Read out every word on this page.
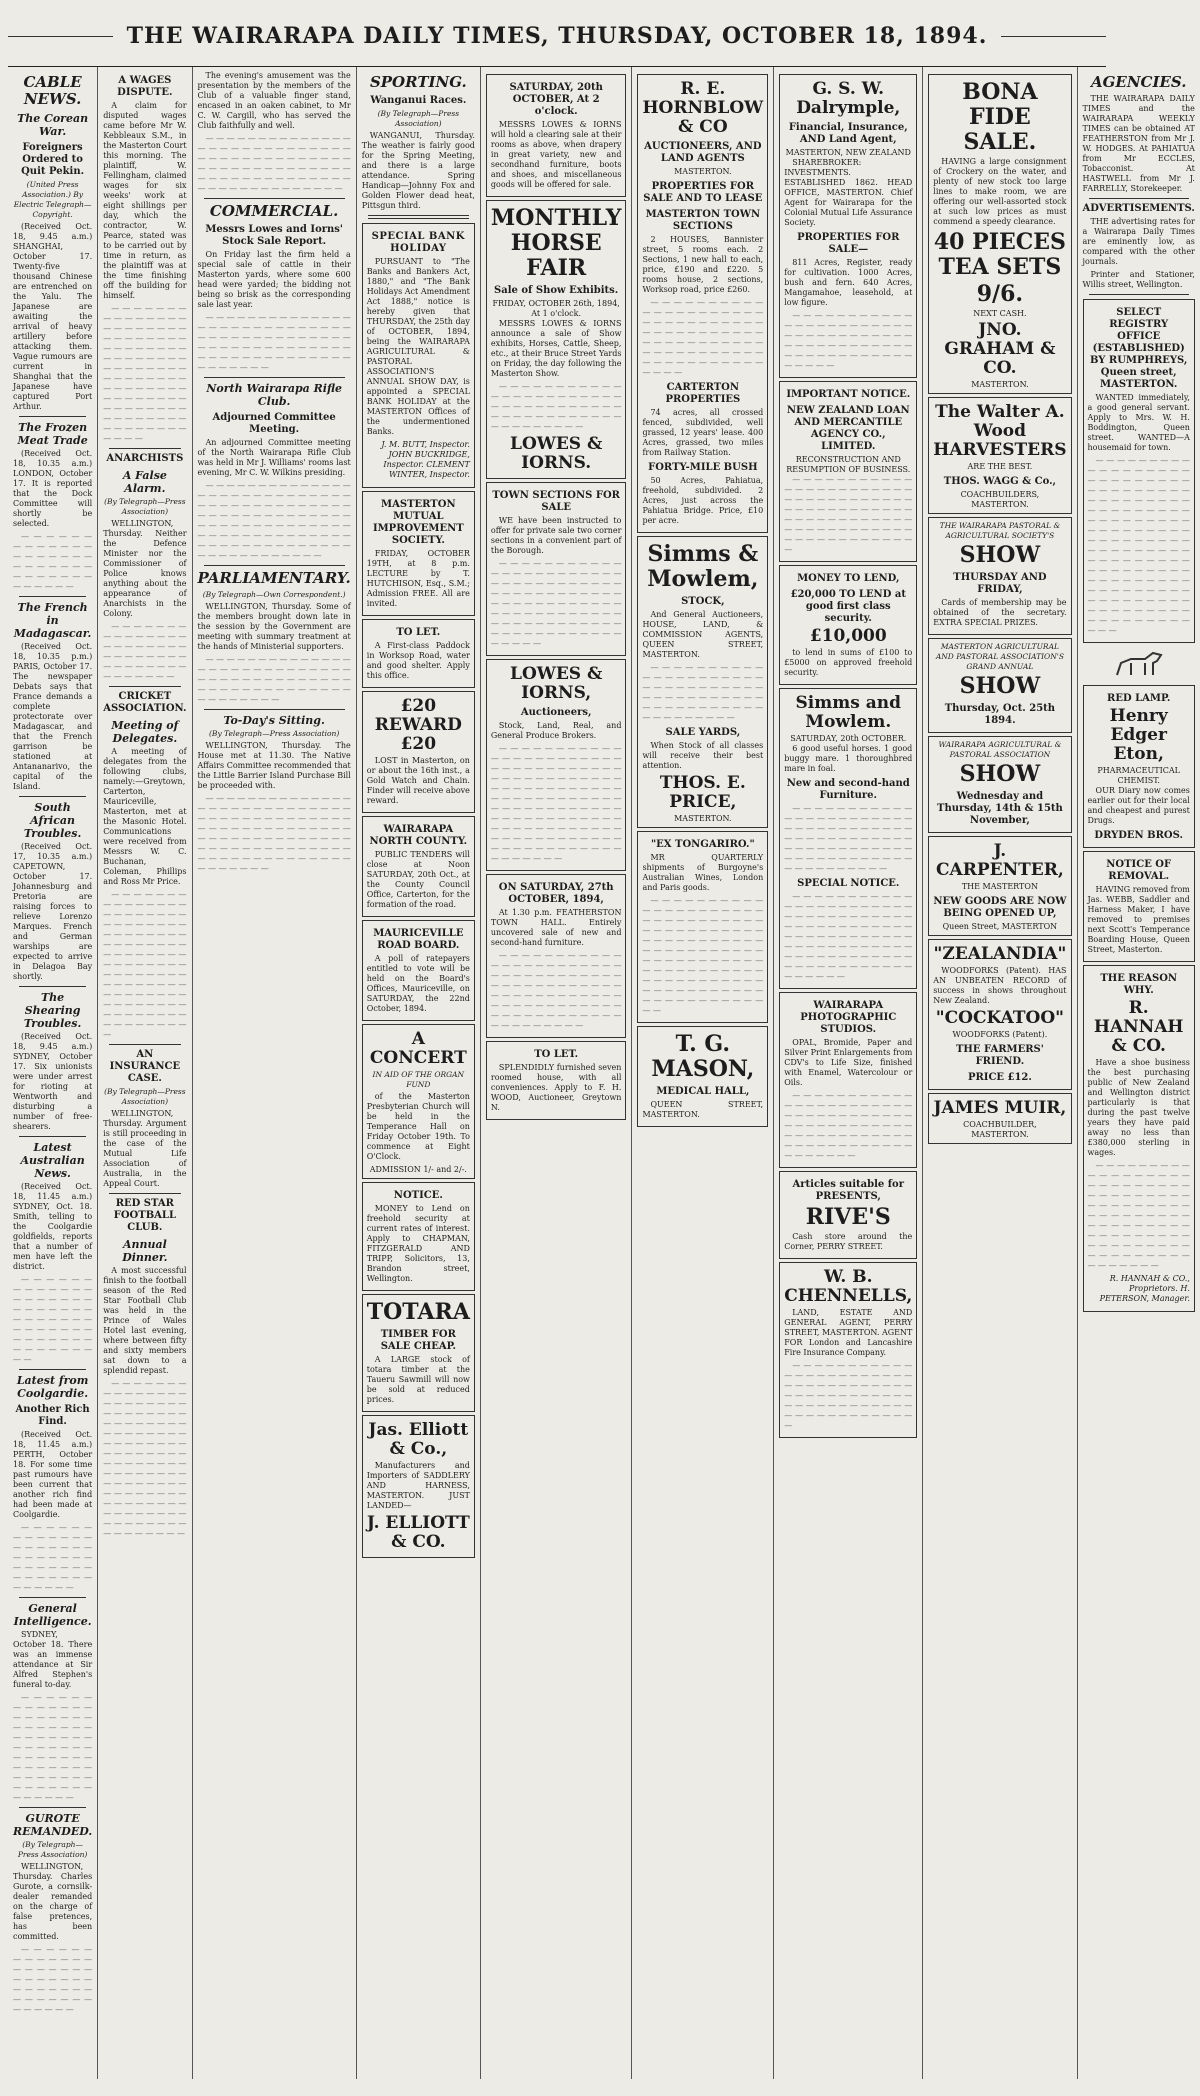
THE WAIRARAPA DAILY TIMES, THURSDAY, OCTOBER 18, 1894.
CABLE NEWS.
The Corean War.
Foreigners Ordered to Quit Pekin.
(United Press Association.) By Electric Telegraph—Copyright.

(Received Oct. 18, 9.45 a.m.) SHANGHAI, October 17. Twenty-five thousand Chinese are entrenched on the Yalu. The Japanese are awaiting the arrival of heavy artillery before attacking them. Vague rumours are current in Shanghai that the Japanese have captured Port Arthur.

The Frozen Meat Trade

(Received Oct. 18, 10.35 a.m.) LONDON, October 17. It is reported that the Dock Committee will shortly be selected.

— — — — — — — — — — — — — — — — — — — — — — — — — — — — — — — — — — — — — — — —

The French in Madagascar.

(Received Oct. 18, 10.35 p.m.) PARIS, October 17. The newspaper Debats says that France demands a complete protectorate over Madagascar, and that the French garrison be stationed at Antananarivo, the capital of the Island.

South African Troubles.

(Received Oct. 17, 10.35 a.m.) CAPETOWN, October 17. Johannesburg and Pretoria are raising forces to relieve Lorenzo Marques. French and German warships are expected to arrive in Delagoa Bay shortly.

The Shearing Troubles.

(Received Oct. 18, 9.45 a.m.) SYDNEY, October 17. Six unionists were under arrest for rioting at Wentworth and disturbing a number of free-shearers.

Latest Australian News.

(Received Oct. 18, 11.45 a.m.) SYDNEY, Oct. 18. Smith, telling to the Coolgardie goldfields, reports that a number of men have left the district.

— — — — — — — — — — — — — — — — — — — — — — — — — — — — — — — — — — — — — — — — — — — — — — — — — — — — — — — — —

Latest from Coolgardie.
Another Rich Find.

(Received Oct. 18, 11.45 a.m.) PERTH, October 18. For some time past rumours have been current that another rich find had been made at Coolgardie.

— — — — — — — — — — — — — — — — — — — — — — — — — — — — — — — — — — — — — — — — — — — — — — —

General Intelligence.

SYDNEY, October 18. There was an immense attendance at Sir Alfred Stephen's funeral to-day.

— — — — — — — — — — — — — — — — — — — — — — — — — — — — — — — — — — — — — — — — — — — — — — — — — — — — — — — — — — — — — — — — — — — — — — — — — — —

GUROTE REMANDED.
(By Telegraph—Press Association)

WELLINGTON, Thursday. Charles Gurote, a cornsilk-dealer remanded on the charge of false pretences, has been committed.

— — — — — — — — — — — — — — — — — — — — — — — — — — — — — — — — — — — — — — — — — — — — — — —

A WAGES DISPUTE.

A claim for disputed wages came before Mr W. Kebbleaux S.M., in the Masterton Court this morning. The plaintiff, W. Fellingham, claimed wages for six weeks' work at eight shillings per day, which the contractor, W. Pearce, stated was to be carried out by time in return, as the plaintiff was at the time finishing off the building for himself.

— — — — — — — — — — — — — — — — — — — — — — — — — — — — — — — — — — — — — — — — — — — — — — — — — — — — — — — — — — — — — — — — — — — — — — — — — — — — — — — — — — — — — — — — — — — — — — — — — — — — — — — — — — —

ANARCHISTS
A False Alarm.
(By Telegraph—Press Association)

WELLINGTON, Thursday. Neither the Defence Minister nor the Commissioner of Police knows anything about the appearance of Anarchists in the Colony.

— — — — — — — — — — — — — — — — — — — — — — — — — — — — — — — — — — — — — — — — — — — — — —

CRICKET ASSOCIATION.
Meeting of Delegates.

A meeting of delegates from the following clubs, namely:—Greytown, Carterton, Mauriceville, Masterton, met at the Masonic Hotel. Communications were received from Messrs W. C. Buchanan, Coleman, Phillips and Ross Mr Price.

— — — — — — — — — — — — — — — — — — — — — — — — — — — — — — — — — — — — — — — — — — — — — — — — — — — — — — — — — — — — — — — — — — — — — — — — — — — — — — — — — — — — — — — — — — — — — — — — — — — — — — — — — — — — — — — —

AN INSURANCE CASE.
(By Telegraph—Press Association)

WELLINGTON, Thursday. Argument is still proceeding in the case of the Mutual Life Association of Australia, in the Appeal Court.

RED STAR FOOTBALL CLUB.
Annual Dinner.

A most successful finish to the football season of the Red Star Football Club was held in the Prince of Wales Hotel last evening, where between fifty and sixty members sat down to a splendid repast.

— — — — — — — — — — — — — — — — — — — — — — — — — — — — — — — — — — — — — — — — — — — — — — — — — — — — — — — — — — — — — — — — — — — — — — — — — — — — — — — — — — — — — — — — — — — — — — — — — — — — — — — — — — — — — — — — — — — — — — — — — — — — — — —

The evening's amusement was the presentation by the members of the Club of a valuable finger stand, encased in an oaken cabinet, to Mr C. W. Cargill, who has served the Club faithfully and well.

— — — — — — — — — — — — — — — — — — — — — — — — — — — — — — — — — — — — — — — — — — — — — — — — — — — — — — — — — — — — — — — — — — — — — — — — — — — — — — — — — — — —

COMMERCIAL.
Messrs Lowes and Iorns' Stock Sale Report.

On Friday last the firm held a special sale of cattle in their Masterton yards, where some 600 head were yarded; the bidding not being so brisk as the corresponding sale last year.

— — — — — — — — — — — — — — — — — — — — — — — — — — — — — — — — — — — — — — — — — — — — — — — — — — — — — — — — — — — — — — — — — — — — — — — — — — — — —

North Wairarapa Rifle Club.
Adjourned Committee Meeting.

An adjourned Committee meeting of the North Wairarapa Rifle Club was held in Mr J. Williams' rooms last evening, Mr C. W. Wilkins presiding.

— — — — — — — — — — — — — — — — — — — — — — — — — — — — — — — — — — — — — — — — — — — — — — — — — — — — — — — — — — — — — — — — — — — — — — — — — — — — — — — — — — — — — — — — — — — — — — — — — — — — — — — — — — — — — —

PARLIAMENTARY.
(By Telegraph—Own Correspondent.)

WELLINGTON, Thursday. Some of the members brought down late in the session by the Government are meeting with summary treatment at the hands of Ministerial supporters.

— — — — — — — — — — — — — — — — — — — — — — — — — — — — — — — — — — — — — — — — — — — — — — — — — — — — — — — — — — — — — — — —

To-Day's Sitting.
(By Telegraph—Press Association)

WELLINGTON, Thursday. The House met at 11.30. The Native Affairs Committee recommended that the Little Barrier Island Purchase Bill be proceeded with.

— — — — — — — — — — — — — — — — — — — — — — — — — — — — — — — — — — — — — — — — — — — — — — — — — — — — — — — — — — — — — — — — — — — — — — — — — — — — — — — — — — — — — — — — — — — — — — — — — — — — — — — — —

SPORTING.
Wanganui Races.
(By Telegraph—Press Association)

WANGANUI, Thursday. The weather is fairly good for the Spring Meeting, and there is a large attendance. Spring Handicap—Johnny Fox and Golden Flower dead heat, Pittsgun third.

SPECIAL BANK HOLIDAY

PURSUANT to "The Banks and Bankers Act, 1880," and "The Bank Holidays Act Amendment Act 1888," notice is hereby given that THURSDAY, the 25th day of OCTOBER, 1894, being the WAIRARAPA AGRICULTURAL & PASTORAL ASSOCIATION'S ANNUAL SHOW DAY, is appointed a SPECIAL BANK HOLIDAY at the MASTERTON Offices of the undermentioned Banks.

J. M. BUTT, Inspector. JOHN BUCKRIDGE, Inspector. CLEMENT WINTER, Inspector.
MASTERTON MUTUAL IMPROVEMENT SOCIETY.

FRIDAY, OCTOBER 19TH, at 8 p.m. LECTURE by T. HUTCHISON, Esq., S.M.; Admission FREE. All are invited.

TO LET.

A First-class Paddock in Worksop Road, water and good shelter. Apply this office.

£20 REWARD £20

LOST in Masterton, on or about the 16th inst., a Gold Watch and Chain. Finder will receive above reward.

WAIRARAPA NORTH COUNTY.

PUBLIC TENDERS will close at Noon SATURDAY, 20th Oct., at the County Council Office, Carterton, for the formation of the road.

MAURICEVILLE ROAD BOARD.

A poll of ratepayers entitled to vote will be held on the Board's Offices, Mauriceville, on SATURDAY, the 22nd October, 1894.

A CONCERT
IN AID OF THE ORGAN FUND

of the Masterton Presbyterian Church will be held in the Temperance Hall on Friday October 19th. To commence at Eight O'Clock.

ADMISSION 1/- and 2/-.
NOTICE.

MONEY to Lend on freehold security at current rates of interest. Apply to CHAPMAN, FITZGERALD AND TRIPP, Solicitors, 13, Brandon street, Wellington.

TOTARA
TIMBER FOR SALE CHEAP.

A LARGE stock of totara timber at the Taueru Sawmill will now be sold at reduced prices.

Jas. Elliott & Co.,

Manufacturers and Importers of SADDLERY AND HARNESS, MASTERTON. JUST LANDED—

J. ELLIOTT & CO.
SATURDAY, 20th OCTOBER, At 2 o'clock.

MESSRS LOWES & IORNS will hold a clearing sale at their rooms as above, when drapery in great variety, new and secondhand furniture, boots and shoes, and miscellaneous goods will be offered for sale.

MONTHLY HORSE FAIR
Sale of Show Exhibits.
FRIDAY, OCTOBER 26th, 1894, At 1 o'clock.

MESSRS LOWES & IORNS announce a sale of Show exhibits, Horses, Cattle, Sheep, etc., at their Bruce Street Yards on Friday, the day following the Masterton Show.

— — — — — — — — — — — — — — — — — — — — — — — — — — — — — — — — — — — — — — — — — — — — — — — — — — — — — — — —

LOWES & IORNS.
TOWN SECTIONS FOR SALE

WE have been instructed to offer for private sale two corner sections in a convenient part of the Borough.

— — — — — — — — — — — — — — — — — — — — — — — — — — — — — — — — — — — — — — — — — — — — — — — — — — — — — — — — — — — — — — — — — — — — — — — — — — — — — — — — — — — — — — — — — — — — — — — — — — — —

LOWES & IORNS,
Auctioneers,

Stock, Land, Real, and General Produce Brokers.

— — — — — — — — — — — — — — — — — — — — — — — — — — — — — — — — — — — — — — — — — — — — — — — — — — — — — — — — — — — — — — — — — — — — — — — — — — — — — — — — — — — — — — — — — — — — — — — — — — — — — — — — — — — — — — — — — — — — — — — — — — — — — — — — — — — — — — — — — —

ON SATURDAY, 27th OCTOBER, 1894,

At 1.30 p.m. FEATHERSTON TOWN HALL. Entirely uncovered sale of new and second-hand furniture.

— — — — — — — — — — — — — — — — — — — — — — — — — — — — — — — — — — — — — — — — — — — — — — — — — — — — — — — — — — — — — — — — — — — — — — — — — — — — — — — — — — — — — — — — — — — —

TO LET.

SPLENDIDLY furnished seven roomed house, with all conveniences. Apply to F. H. WOOD, Auctioneer, Greytown N.

R. E. HORNBLOW & CO
AUCTIONEERS, AND LAND AGENTS
MASTERTON.
PROPERTIES FOR SALE AND TO LEASE
MASTERTON TOWN SECTIONS

2 HOUSES, Bannister street, 5 rooms each. 2 Sections, 1 new hall to each, price, £190 and £220. 5 rooms house, 2 sections, Worksop road, price £260.

— — — — — — — — — — — — — — — — — — — — — — — — — — — — — — — — — — — — — — — — — — — — — — — — — — — — — — — — — — — — — — — — — — — — — — — — — — — — — — — —

CARTERTON PROPERTIES

74 acres, all crossed fenced, subdivided, well grassed, 12 years' lease. 400 Acres, grassed, two miles from Railway Station.

FORTY-MILE BUSH

50 Acres, Pahiatua, freehold, subdivided. 2 Acres, just across the Pahiatua Bridge. Price, £10 per acre.

Simms & Mowlem,
STOCK,

And General Auctioneers, HOUSE, LAND, & COMMISSION AGENTS, QUEEN STREET, MASTERTON.

— — — — — — — — — — — — — — — — — — — — — — — — — — — — — — — — — — — — — — — — — — — — — — — — — — — — — — — — — — — — — — —

SALE YARDS,

When Stock of all classes will receive their best attention.

THOS. E. PRICE,
MASTERTON.
"EX TONGARIRO."

MR QUARTERLY shipments of Burgoyne's Australian Wines, London and Paris goods.

— — — — — — — — — — — — — — — — — — — — — — — — — — — — — — — — — — — — — — — — — — — — — — — — — — — — — — — — — — — — — — — — — — — — — — — — — — — — — — — — — — — — — — — — — — — — — — — — — — — — — — — — — — — — — — — — — — — — — — — — — —

T. G. MASON,
MEDICAL HALL,

QUEEN STREET, MASTERTON.

G. S. W. Dalrymple,
Financial, Insurance, AND Land Agent,
MASTERTON, NEW ZEALAND

SHAREBROKER: INVESTMENTS. ESTABLISHED 1862. HEAD OFFICE, MASTERTON. Chief Agent for Wairarapa for the Colonial Mutual Life Assurance Society.

PROPERTIES FOR SALE—

811 Acres, Register, ready for cultivation. 1000 Acres, bush and fern. 640 Acres, Mangamahoe, leasehold, at low figure.

— — — — — — — — — — — — — — — — — — — — — — — — — — — — — — — — — — — — — — — — — — — — — — — — — — — — — — — — — — — — — — — —

IMPORTANT NOTICE.
NEW ZEALAND LOAN AND MERCANTILE AGENCY CO., LIMITED.
RECONSTRUCTION AND RESUMPTION OF BUSINESS.

— — — — — — — — — — — — — — — — — — — — — — — — — — — — — — — — — — — — — — — — — — — — — — — — — — — — — — — — — — — — — — — — — — — — — — — — — — — — — — — — — — — —

MONEY TO LEND,
£20,000 TO LEND at good first class security.
£10,000

to lend in sums of £100 to £5000 on approved freehold security.

Simms and Mowlem.
SATURDAY, 20th OCTOBER.

6 good useful horses. 1 good buggy mare. 1 thoroughbred mare in foal.

New and second-hand Furniture.

— — — — — — — — — — — — — — — — — — — — — — — — — — — — — — — — — — — — — — — — — — — — — — — — — — — — — — — — — — — — — — — — — — — — — — — — — — — — — — — — —

SPECIAL NOTICE.

— — — — — — — — — — — — — — — — — — — — — — — — — — — — — — — — — — — — — — — — — — — — — — — — — — — — — — — — — — — — — — — — — — — — — — — — — — — — — — — — — — — — — — — — — — — — — — — — — — — — —

WAIRARAPA PHOTOGRAPHIC STUDIOS.

OPAL, Bromide, Paper and Silver Print Enlargements from CDV's to Life Size, finished with Enamel, Watercolour or Oils.

— — — — — — — — — — — — — — — — — — — — — — — — — — — — — — — — — — — — — — — — — — — — — — — — — — — — — — — — — — — — — — — — — — — — — — — — — — — — — —

Articles suitable for PRESENTS,
RIVE'S

Cash store around the Corner, PERRY STREET.

W. B. CHENNELLS,

LAND, ESTATE AND GENERAL AGENT, PERRY STREET, MASTERTON. AGENT FOR London and Lancashire Fire Insurance Company.

— — — — — — — — — — — — — — — — — — — — — — — — — — — — — — — — — — — — — — — — — — — — — — — — — — — — — — — — — — — — — — — — — — — — — — — —

BONA FIDE SALE.

HAVING a large consignment of Crockery on the water, and plenty of new stock too large lines to make room, we are offering our well-assorted stock at such low prices as must commend a speedy clearance.

40 PIECES TEA SETS
9/6.
NEXT CASH.
JNO. GRAHAM & CO.
MASTERTON.
The Walter A. Wood HARVESTERS
ARE THE BEST.
THOS. WAGG & Co.,
COACHBUILDERS, MASTERTON.
THE WAIRARAPA PASTORAL & AGRICULTURAL SOCIETY'S
SHOW
THURSDAY AND FRIDAY,

Cards of membership may be obtained of the secretary. EXTRA SPECIAL PRIZES.

MASTERTON AGRICULTURAL AND PASTORAL ASSOCIATION'S GRAND ANNUAL
SHOW
Thursday, Oct. 25th 1894.
WAIRARAPA AGRICULTURAL & PASTORAL ASSOCIATION
SHOW
Wednesday and Thursday, 14th & 15th November,
J. CARPENTER,
THE MASTERTON
NEW GOODS ARE NOW BEING OPENED UP,
Queen Street, MASTERTON
"ZEALANDIA"

WOODFORKS (Patent). HAS AN UNBEATEN RECORD of success in shows throughout New Zealand.

"COCKATOO"
WOODFORKS (Patent).
THE FARMERS' FRIEND.
PRICE £12.
JAMES MUIR,
COACHBUILDER, MASTERTON.
AGENCIES.

THE WAIRARAPA DAILY TIMES and the WAIRARAPA WEEKLY TIMES can be obtained AT FEATHERSTON from Mr J. W. HODGES. At PAHIATUA from Mr ECCLES, Tobacconist. At HASTWELL from Mr J. FARRELLY, Storekeeper.

ADVERTISEMENTS.

THE advertising rates for a Wairarapa Daily Times are eminently low, as compared with the other journals.

Printer and Stationer, Willis street, Wellington.

SELECT REGISTRY OFFICE (ESTABLISHED) BY RUMPHREYS, Queen street, MASTERTON.

WANTED immediately, a good general servant. Apply to Mrs. W. H. Boddington, Queen street. WANTED—A housemaid for town.

— — — — — — — — — — — — — — — — — — — — — — — — — — — — — — — — — — — — — — — — — — — — — — — — — — — — — — — — — — — — — — — — — — — — — — — — — — — — — — — — — — — — — — — — — — — — — — — — — — — — — — — — — — — — — — — — — — — — — — — — — — — — — — — — — — — — — — — — — — — — — — — — — — — — — — — — — — — —

RED LAMP.
Henry Edger Eton,
PHARMACEUTICAL CHEMIST.

OUR Diary now comes earlier out for their local and cheapest and purest Drugs.

DRYDEN BROS.
NOTICE OF REMOVAL.

HAVING removed from Jas. WEBB, Saddler and Harness Maker, I have removed to premises next Scott's Temperance Boarding House, Queen Street, Masterton.

THE REASON WHY.
R. HANNAH & CO.

Have a shoe business the best purchasing public of New Zealand and Wellington district particularly is that during the past twelve years they have paid away no less than £380,000 sterling in wages.

— — — — — — — — — — — — — — — — — — — — — — — — — — — — — — — — — — — — — — — — — — — — — — — — — — — — — — — — — — — — — — — — — — — — — — — — — — — — — — — — — — — — — — — — — — — — — — — — —

R. HANNAH & CO., Proprietors. H. PETERSON, Manager.
